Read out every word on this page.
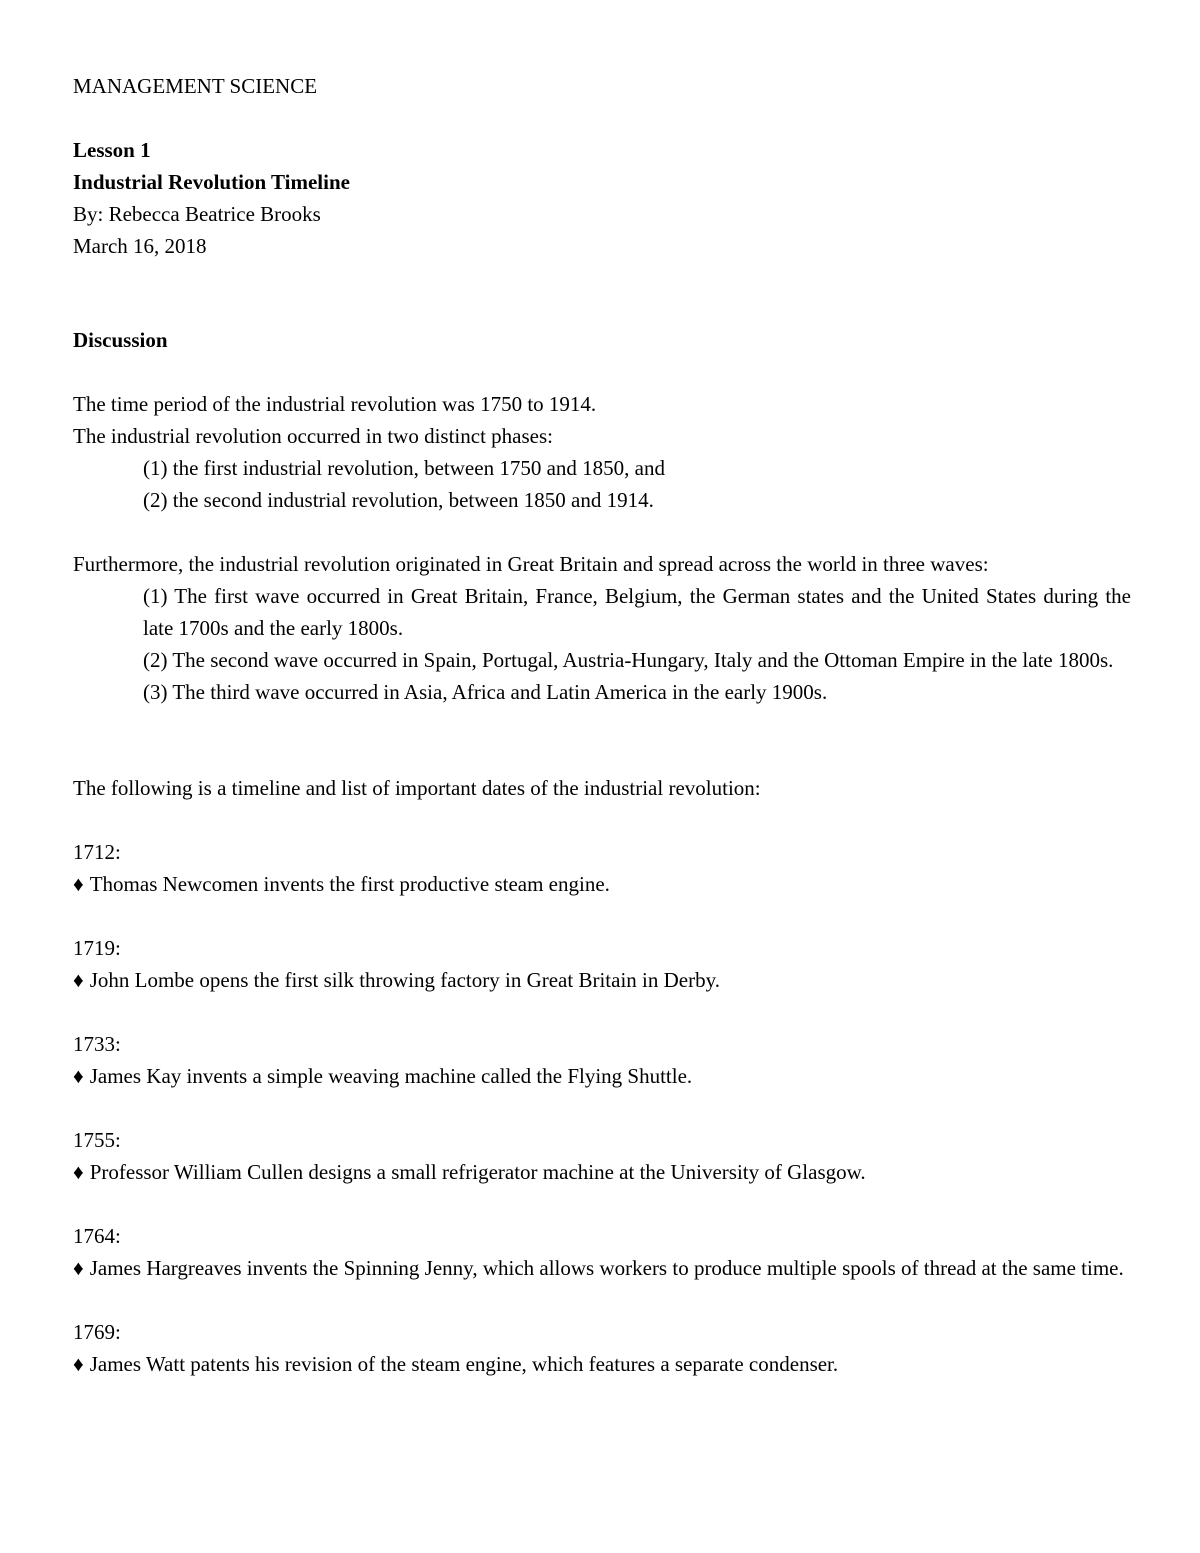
MANAGEMENT SCIENCE

Lesson 1

Industrial Revolution Timeline

By: Rebecca Beatrice Brooks

March 16, 2018

Discussion

The time period of the industrial revolution was 1750 to 1914.

The industrial revolution occurred in two distinct phases:

(1) the first industrial revolution, between 1750 and 1850, and

(2) the second industrial revolution, between 1850 and 1914.

Furthermore, the industrial revolution originated in Great Britain and spread across the world in three waves:

(1) The first wave occurred in Great Britain, France, Belgium, the German states and the United States during the late 1700s and the early 1800s.

(2) The second wave occurred in Spain, Portugal, Austria-Hungary, Italy and the Ottoman Empire in the late 1800s.

(3) The third wave occurred in Asia, Africa and Latin America in the early 1900s.

The following is a timeline and list of important dates of the industrial revolution:

1712:

♦ Thomas Newcomen invents the first productive steam engine.

1719:

♦ John Lombe opens the first silk throwing factory in Great Britain in Derby.

1733:

♦ James Kay invents a simple weaving machine called the Flying Shuttle.

1755:

♦ Professor William Cullen designs a small refrigerator machine at the University of Glasgow.

1764:

♦ James Hargreaves invents the Spinning Jenny, which allows workers to produce multiple spools of thread at the same time.

1769:

♦ James Watt patents his revision of the steam engine, which features a separate condenser.
